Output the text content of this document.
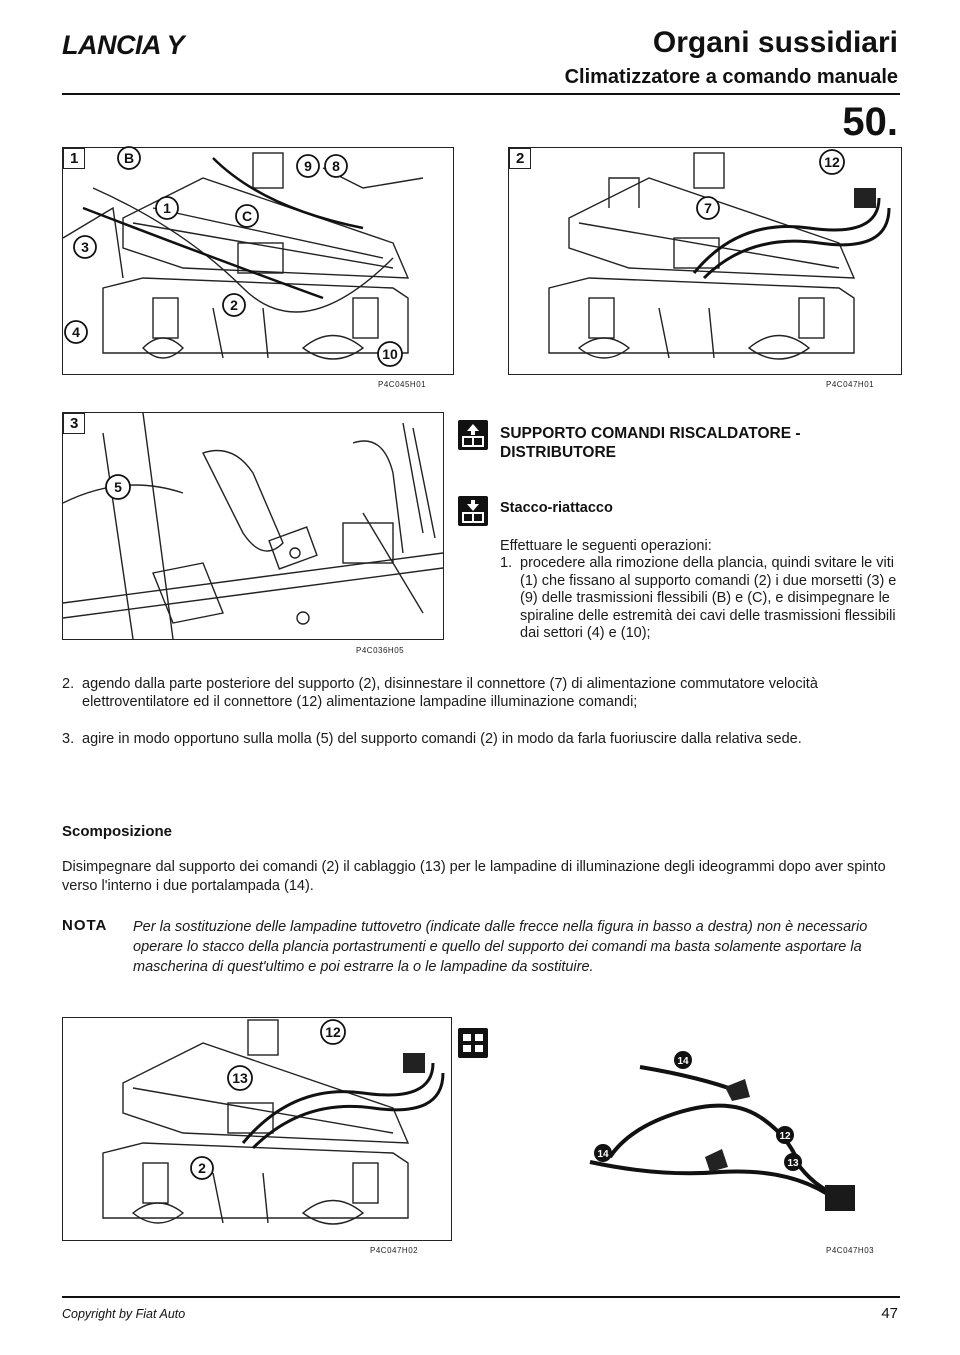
LANCIA Y	Organi sussidiari
Climatizzatore a comando manuale
50.
1
P4C045H01
B	9 8
1	C
3
2
4
10
2
P4C047H01
12
7
3
P4C036H05
5
SUPPORTO COMANDI RISCALDATORE - DISTRIBUTORE
Stacco-riattacco
Effettuare le seguenti operazioni:
1. procedere alla rimozione della plancia, quindi svitare le viti (1) che fissano al supporto comandi (2) i due morsetti (3) e (9) delle trasmissioni flessibili (B) e (C), e disimpegnare le spiraline delle estremità dei cavi delle trasmissioni flessibili dai settori (4) e (10);
2. agendo dalla parte posteriore del supporto (2), disinnestare il connettore (7) di alimentazione commutatore velocità elettroventilatore ed il connettore (12) alimentazione lampadine illuminazione comandi;
3. agire in modo opportuno sulla molla (5) del supporto comandi (2) in modo da farla fuoriuscire dalla relativa sede.
Scomposizione
Disimpegnare dal supporto dei comandi (2) il cablaggio (13) per le lampadine di illuminazione degli ideogrammi dopo aver spinto verso l'interno i due portalampada (14).
NOTA Per la sostituzione delle lampadine tuttovetro (indicate dalle frecce nella figura in basso a destra) non è necessario operare lo stacco della plancia portastrumenti e quello del supporto dei comandi ma basta solamente asportare la mascherina di quest'ultimo e poi estrarre la o le lampadine da sostituire.
P4C047H02
12
13
2
P4C047H03
14
14
12
13
Copyright by Fiat Auto	47
